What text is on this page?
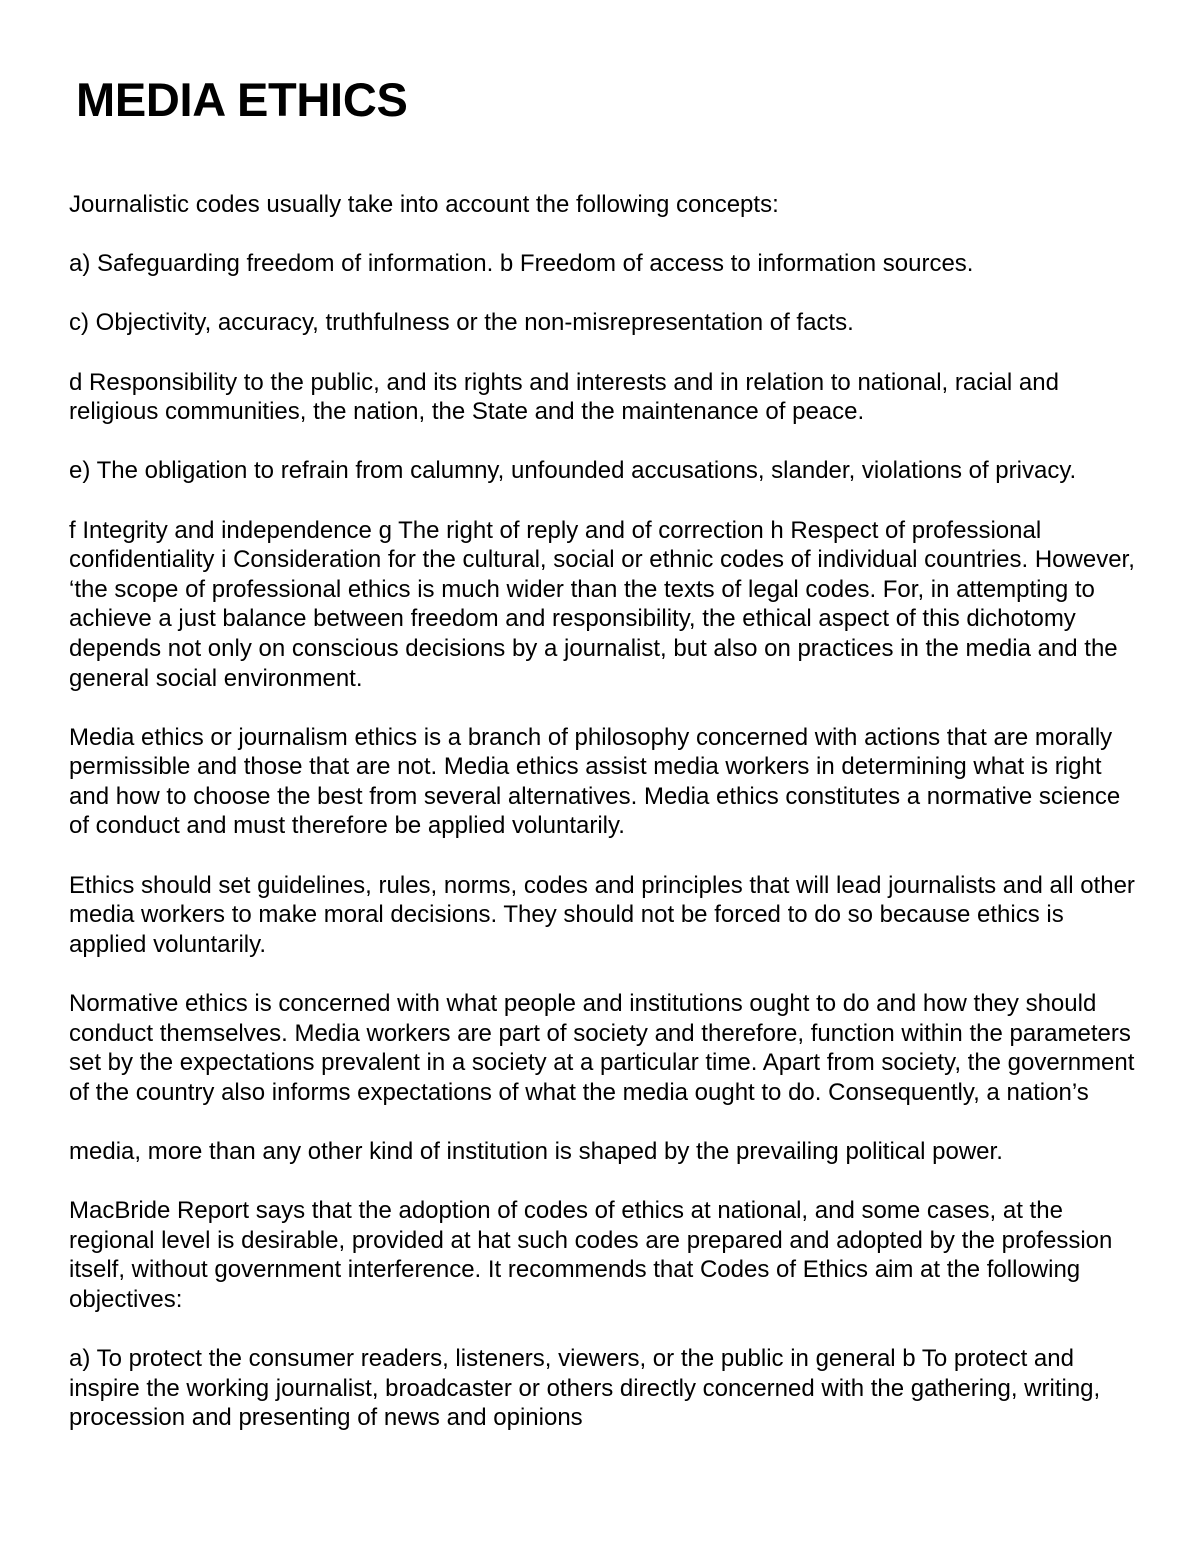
MEDIA ETHICS

Journalistic codes usually take into account the following concepts:

a) Safeguarding freedom of information. b Freedom of access to information sources.

c) Objectivity, accuracy, truthfulness or the non-misrepresentation of facts.

d Responsibility to the public, and its rights and interests and in relation to national, racial and religious communities, the nation, the State and the maintenance of peace.

e) The obligation to refrain from calumny, unfounded accusations, slander, violations of privacy.

f Integrity and independence g The right of reply and of correction h Respect of professional confidentiality i Consideration for the cultural, social or ethnic codes of individual countries. However, ‘the scope of professional ethics is much wider than the texts of legal codes. For, in attempting to achieve a just balance between freedom and responsibility, the ethical aspect of this dichotomy depends not only on conscious decisions by a journalist, but also on practices in the media and the general social environment.

Media ethics or journalism ethics is a branch of philosophy concerned with actions that are morally permissible and those that are not. Media ethics assist media workers in determining what is right and how to choose the best from several alternatives. Media ethics constitutes a normative science of conduct and must therefore be applied voluntarily.

Ethics should set guidelines, rules, norms, codes and principles that will lead journalists and all other media workers to make moral decisions. They should not be forced to do so because ethics is applied voluntarily.

Normative ethics is concerned with what people and institutions ought to do and how they should conduct themselves. Media workers are part of society and therefore, function within the parameters set by the expectations prevalent in a society at a particular time. Apart from society, the government of the country also informs expectations of what the media ought to do. Consequently, a nation’s

media, more than any other kind of institution is shaped by the prevailing political power.

MacBride Report says that the adoption of codes of ethics at national, and some cases, at the regional level is desirable, provided at hat such codes are prepared and adopted by the profession itself, without government interference. It recommends that Codes of Ethics aim at the following objectives:

a) To protect the consumer readers, listeners, viewers, or the public in general b To protect and inspire the working journalist, broadcaster or others directly concerned with the gathering, writing, procession and presenting of news and opinions
